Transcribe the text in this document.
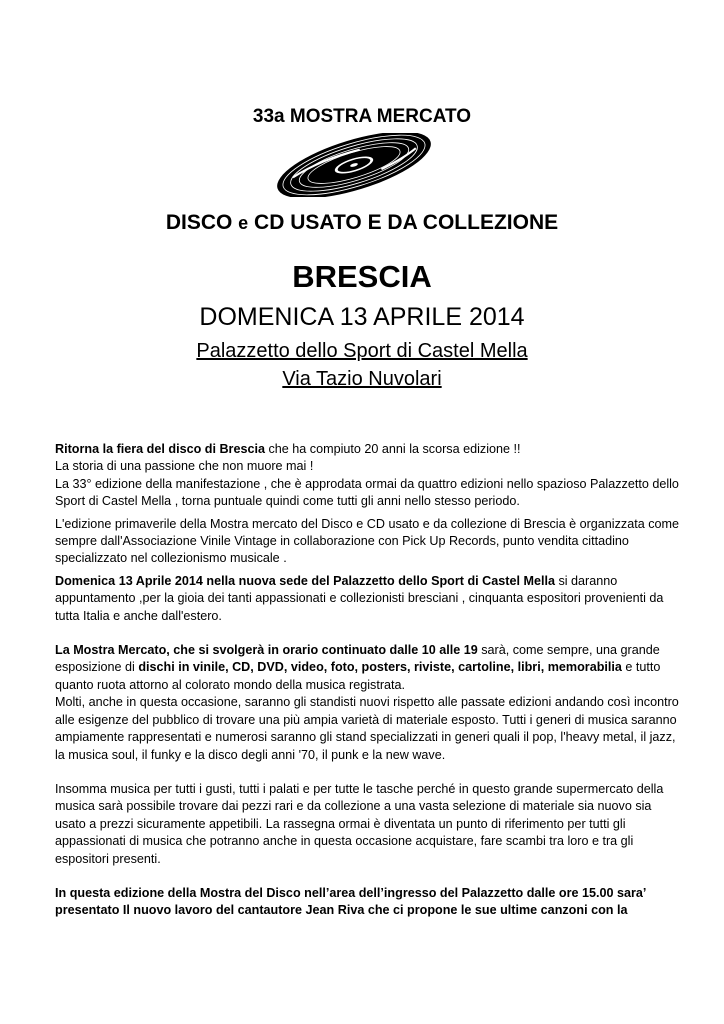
33a MOSTRA MERCATO
DISCO e CD USATO E DA COLLEZIONE
BRESCIA
DOMENICA 13 APRILE 2014
Palazzetto dello Sport di Castel Mella
Via Tazio Nuvolari

Ritorna la fiera del disco di Brescia che ha compiuto 20 anni la scorsa edizione !!

La storia di una passione che non muore mai !

La 33° edizione della manifestazione , che è approdata ormai da quattro edizioni nello spazioso Palazzetto dello Sport di Castel Mella , torna puntuale quindi come tutti gli anni nello stesso periodo.

L'edizione primaverile della Mostra mercato del Disco e CD usato e da collezione di Brescia è organizzata come sempre dall'Associazione Vinile Vintage in collaborazione con Pick Up Records, punto vendita cittadino specializzato nel collezionismo musicale .

Domenica 13 Aprile 2014 nella nuova sede del Palazzetto dello Sport di Castel Mella si daranno appuntamento ,per la gioia dei tanti appassionati e collezionisti bresciani , cinquanta espositori provenienti da tutta Italia e anche dall'estero.

La Mostra Mercato, che si svolgerà in orario continuato dalle 10 alle 19 sarà, come sempre, una grande esposizione di dischi in vinile, CD, DVD, video, foto, posters, riviste, cartoline, libri, memorabilia e tutto quanto ruota attorno al colorato mondo della musica registrata.

Molti, anche in questa occasione, saranno gli standisti nuovi rispetto alle passate edizioni andando così incontro alle esigenze del pubblico di trovare una più ampia varietà di materiale esposto. Tutti i generi di musica saranno ampiamente rappresentati e numerosi saranno gli stand specializzati in generi quali il pop, l'heavy metal, il jazz, la musica soul, il funky e la disco degli anni '70, il punk e la new wave.

Insomma musica per tutti i gusti, tutti i palati e per tutte le tasche perché in questo grande supermercato della musica sarà possibile trovare dai pezzi rari e da collezione a una vasta selezione di materiale sia nuovo sia usato a prezzi sicuramente appetibili. La rassegna ormai è diventata un punto di riferimento per tutti gli appassionati di musica che potranno anche in questa occasione acquistare, fare scambi tra loro e tra gli espositori presenti.

In questa edizione della Mostra del Disco nell’area dell’ingresso del Palazzetto dalle ore 15.00 sara’ presentato Il nuovo lavoro del cantautore Jean Riva che ci propone le sue ultime canzoni con la
